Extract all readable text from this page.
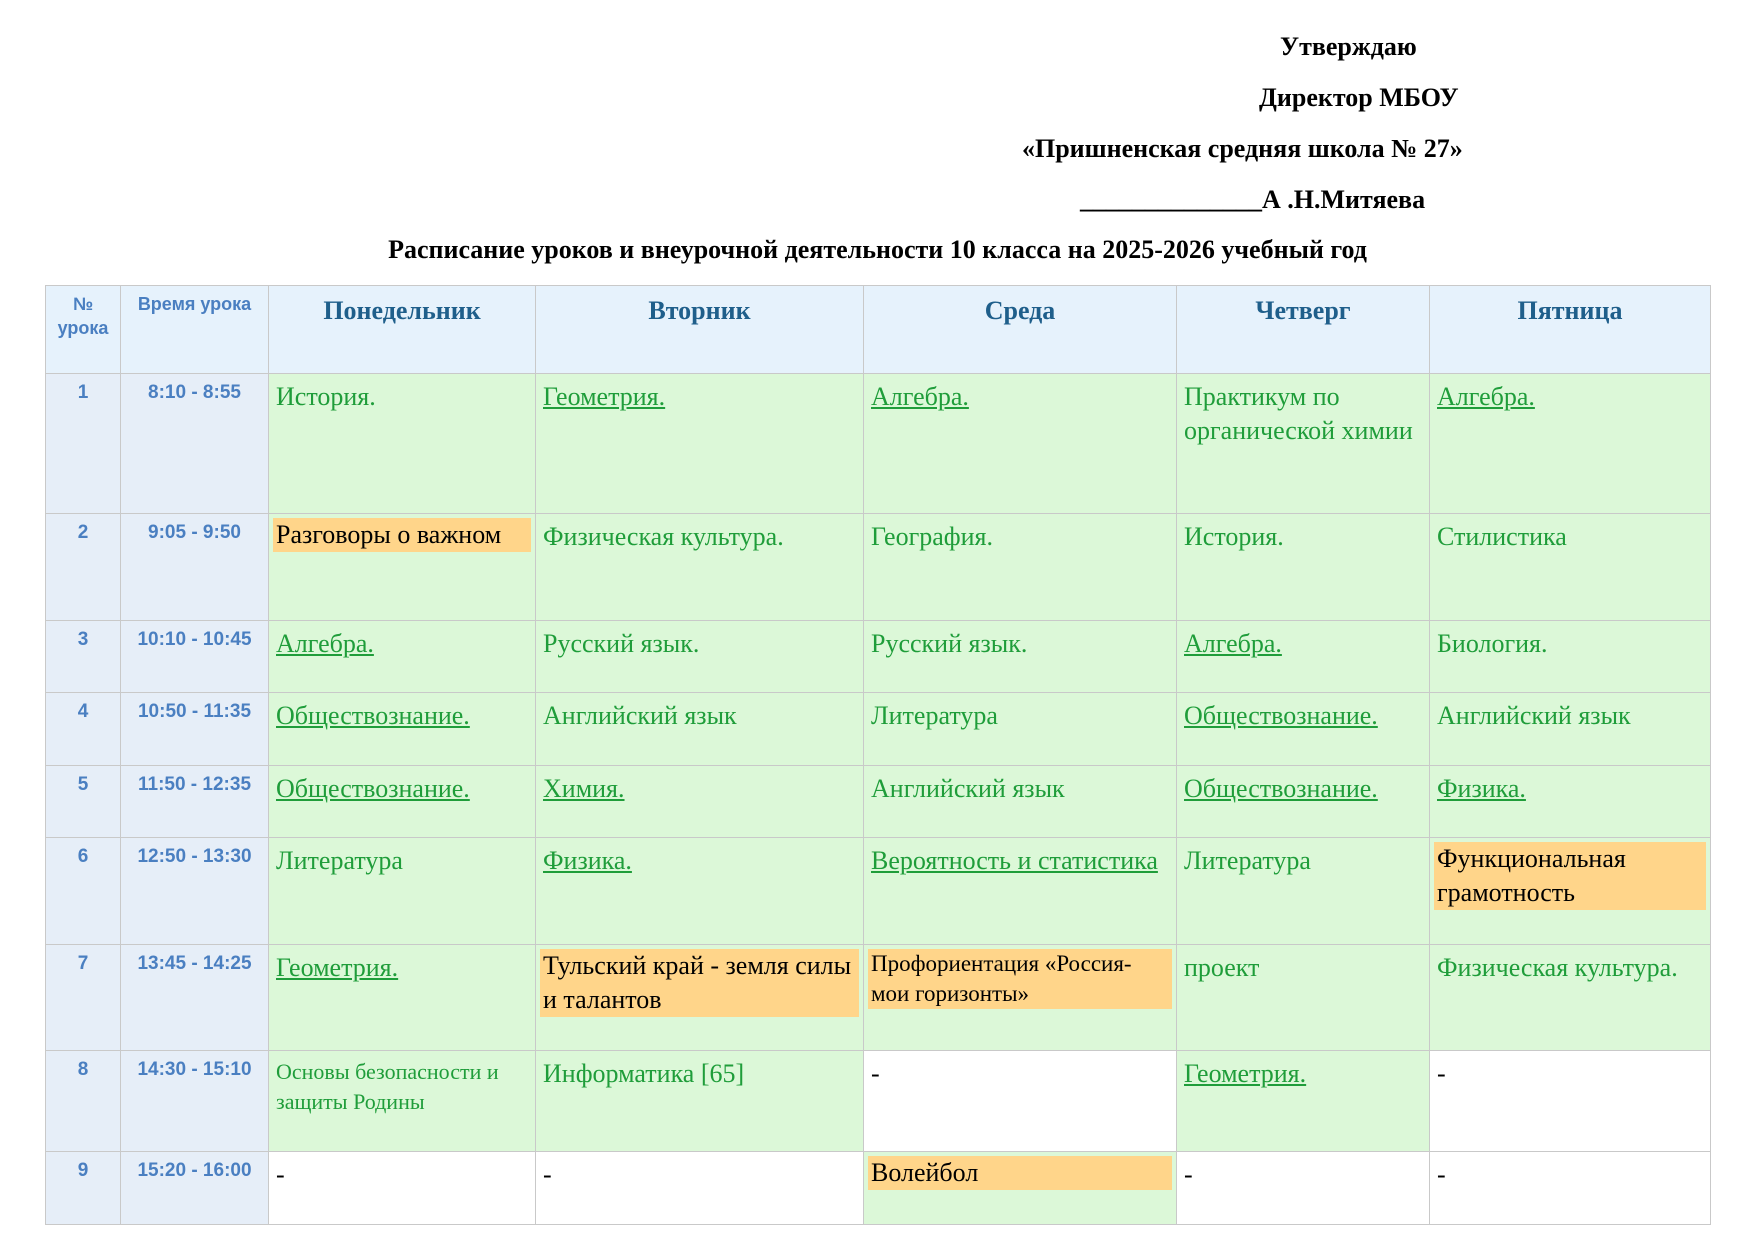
Утверждаю
Директор МБОУ
«Пришненская средняя школа № 27»
______________А .Н.Митяева
Расписание уроков и внеурочной деятельности 10 класса на 2025-2026 учебный год
№ урока	Время урока	Понедельник	Вторник	Среда	Четверг	Пятница
1	8:10 - 8:55	История.	Геометрия.	Алгебра.	Практикум по органической химии	Алгебра.

2	9:05 - 9:50	Разговоры о важном	Физическая культура.	География.	История.	Стилистика

3	10:10 - 10:45	Алгебра.	Русский язык.	Русский язык.	Алгебра.	Биология.

4	10:50 - 11:35	Обществознание.	Английский язык	Литература	Обществознание.	Английский язык

5	11:50 - 12:35	Обществознание.	Химия.	Английский язык	Обществознание.	Физика.

6	12:50 - 13:30	Литература	Физика.	Вероятность и статистика	Литература	Функциональная грамотность

7	13:45 - 14:25	Геометрия.	Тульский край - земля силы и талантов	Профориентация «Россия- мои горизонты»	проект	Физическая культура.

8	14:30 - 15:10	Основы безопасности и защиты Родины	Информатика [65]	-	Геометрия.	-

9	15:20 - 16:00	-	-	Волейбол	-	-
